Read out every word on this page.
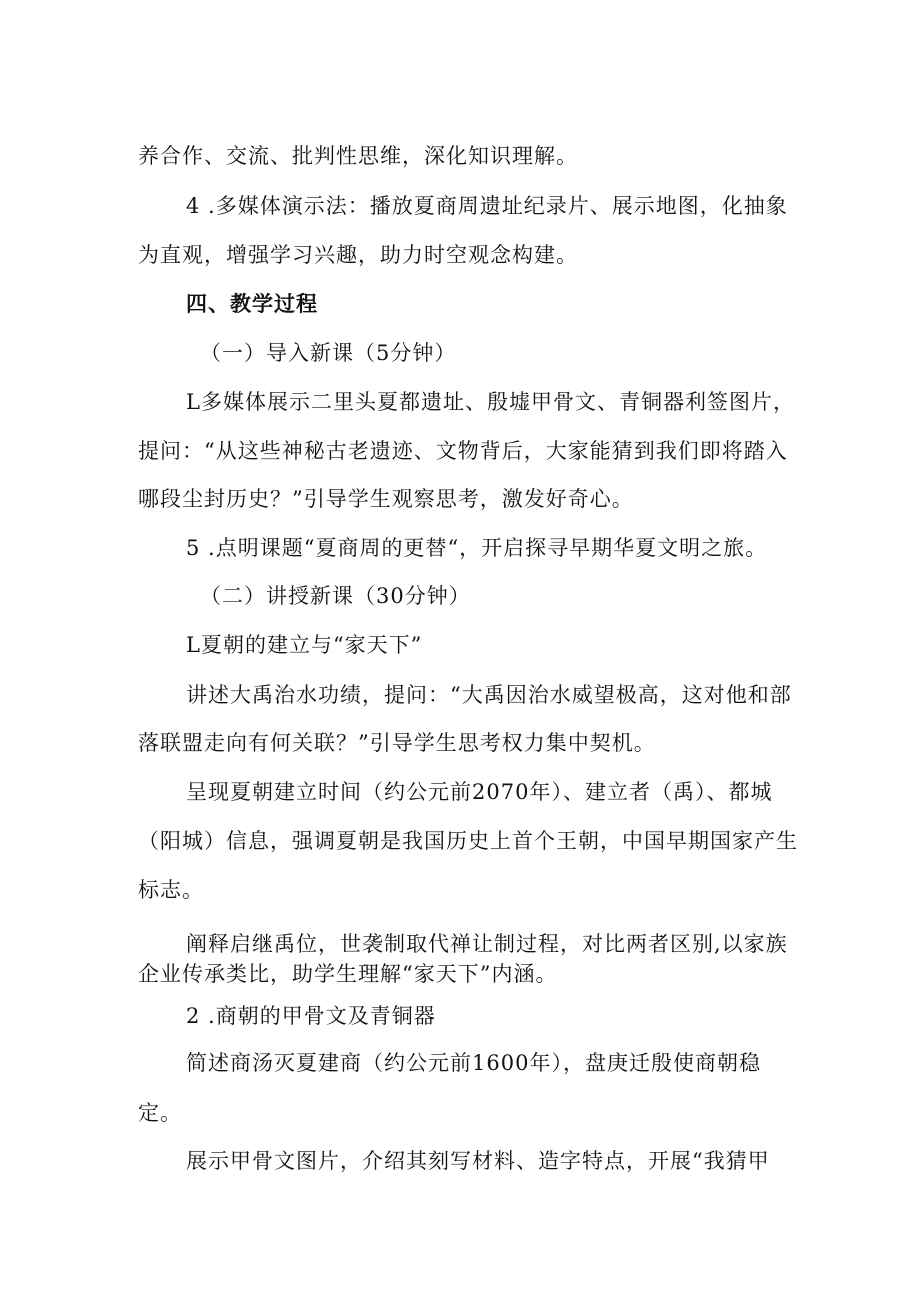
养合作、交流、批判性思维，深化知识理解。
4 .多媒体演示法：播放夏商周遗址纪录片、展示地图，化抽象
为直观，增强学习兴趣，助力时空观念构建。
四、教学过程
（一）导入新课（5分钟）
L多媒体展示二里头夏都遗址、殷墟甲骨文、青铜器利签图片，
提问：“从这些神秘古老遗迹、文物背后，大家能猜到我们即将踏入
哪段尘封历史？”引导学生观察思考，激发好奇心。
5 .点明课题“夏商周的更替“，开启探寻早期华夏文明之旅。
（二）讲授新课（30分钟）
L夏朝的建立与“家天下”
讲述大禹治水功绩，提问：“大禹因治水威望极高，这对他和部
落联盟走向有何关联？”引导学生思考权力集中契机。
呈现夏朝建立时间（约公元前2070年）、建立者（禹）、都城
（阳城）信息，强调夏朝是我国历史上首个王朝，中国早期国家产生
标志。
阐释启继禹位，世袭制取代禅让制过程，对比两者区别,以家族
企业传承类比，助学生理解“家天下”内涵。
2 .商朝的甲骨文及青铜器
简述商汤灭夏建商（约公元前1600年），盘庚迁殷使商朝稳
定。
展示甲骨文图片，介绍其刻写材料、造字特点，开展“我猜甲
